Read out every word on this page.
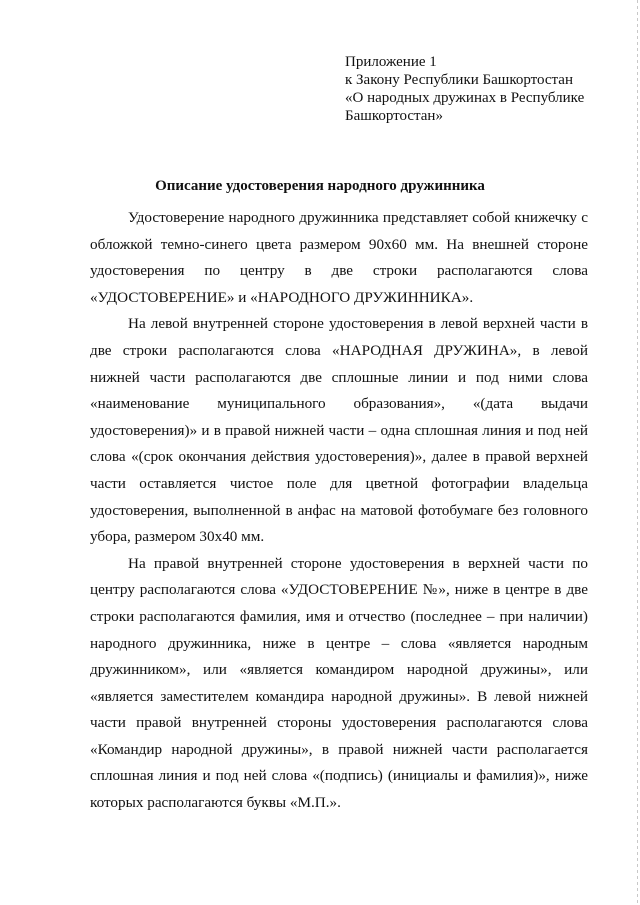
Приложение 1
к Закону Республики Башкортостан
«О народных дружинах в Республике
Башкортостан»
Описание удостоверения народного дружинника

Удостоверение народного дружинника представляет собой книжечку с обложкой темно-синего цвета размером 90х60 мм. На внешней стороне удостоверения по центру в две строки располагаются слова «УДОСТОВЕРЕНИЕ» и «НАРОДНОГО ДРУЖИННИКА».

На левой внутренней стороне удостоверения в левой верхней части в две строки располагаются слова «НАРОДНАЯ ДРУЖИНА», в левой нижней части располагаются две сплошные линии и под ними слова «наименование муниципального образования», «(дата выдачи удостоверения)» и в правой нижней части – одна сплошная линия и под ней слова «(срок окончания действия удостоверения)», далее в правой верхней части оставляется чистое поле для цветной фотографии владельца удостоверения, выполненной в анфас на матовой фотобумаге без головного убора, размером 30х40 мм.

На правой внутренней стороне удостоверения в верхней части по центру располагаются слова «УДОСТОВЕРЕНИЕ №», ниже в центре в две строки располагаются фамилия, имя и отчество (последнее – при наличии) народного дружинника, ниже в центре – слова «является народным дружинником», или «является командиром народной дружины», или «является заместителем командира народной дружины». В левой нижней части правой внутренней стороны удостоверения располагаются слова «Командир народной дружины», в правой нижней части располагается сплошная линия и под ней слова «(подпись) (инициалы и фамилия)», ниже которых располагаются буквы «М.П.».
